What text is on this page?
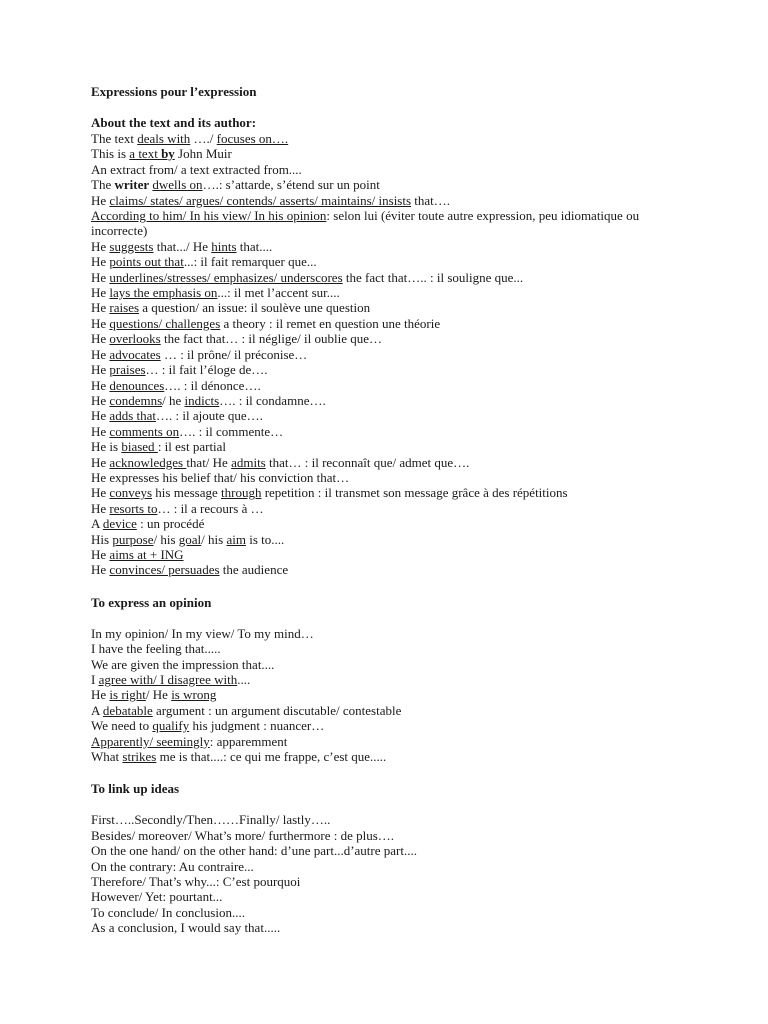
Expressions pour l’expression
About the text and its author:
The text deals with …./ focuses on….
This is a text by John Muir
An extract from/ a text extracted from....
The writer dwells on….: s’attarde, s’étend sur un point
He claims/ states/ argues/ contends/ asserts/ maintains/ insists that….
According to him/ In his view/ In his opinion: selon lui (éviter toute autre expression, peu idiomatique ou incorrecte)
He suggests that.../ He hints that....
He points out that...: il fait remarquer que...
He underlines/stresses/ emphasizes/ underscores the fact that….. : il souligne que...
He lays the emphasis on...: il met l’accent sur....
He raises a question/ an issue: il soulève une question
He questions/ challenges a theory : il remet en question une théorie
He overlooks the fact that… : il néglige/ il oublie que…
He advocates … : il prône/ il préconise…
He praises… : il fait l’éloge de….
He denounces…. : il dénonce….
He condemns/ he indicts…. : il condamne….
He adds that…. : il ajoute que….
He comments on…. : il commente…
He is biased : il est partial
He acknowledges that/ He admits that… : il reconnaît que/ admet que….
He expresses his belief that/ his conviction that…
He conveys his message through repetition : il transmet son message grâce à des répétitions
He resorts to… : il a recours à …
A device : un procédé
His purpose/ his goal/ his aim is to....
He aims at + ING
He convinces/ persuades the audience
To express an opinion
In my opinion/ In my view/ To my mind…
I have the feeling that.....
We are given the impression that....
I agree with/ I disagree with....
He is right/ He is wrong
A debatable argument : un argument discutable/ contestable
We need to qualify his judgment : nuancer…
Apparently/ seemingly: apparemment
What strikes me is that....: ce qui me frappe, c’est que.....
To link up ideas
First…..Secondly/Then……Finally/ lastly…..
Besides/ moreover/ What’s more/ furthermore : de plus….
On the one hand/ on the other hand: d’une part...d’autre part....
On the contrary: Au contraire...
Therefore/ That’s why...: C’est pourquoi
However/ Yet: pourtant...
To conclude/ In conclusion....
As a conclusion, I would say that.....
